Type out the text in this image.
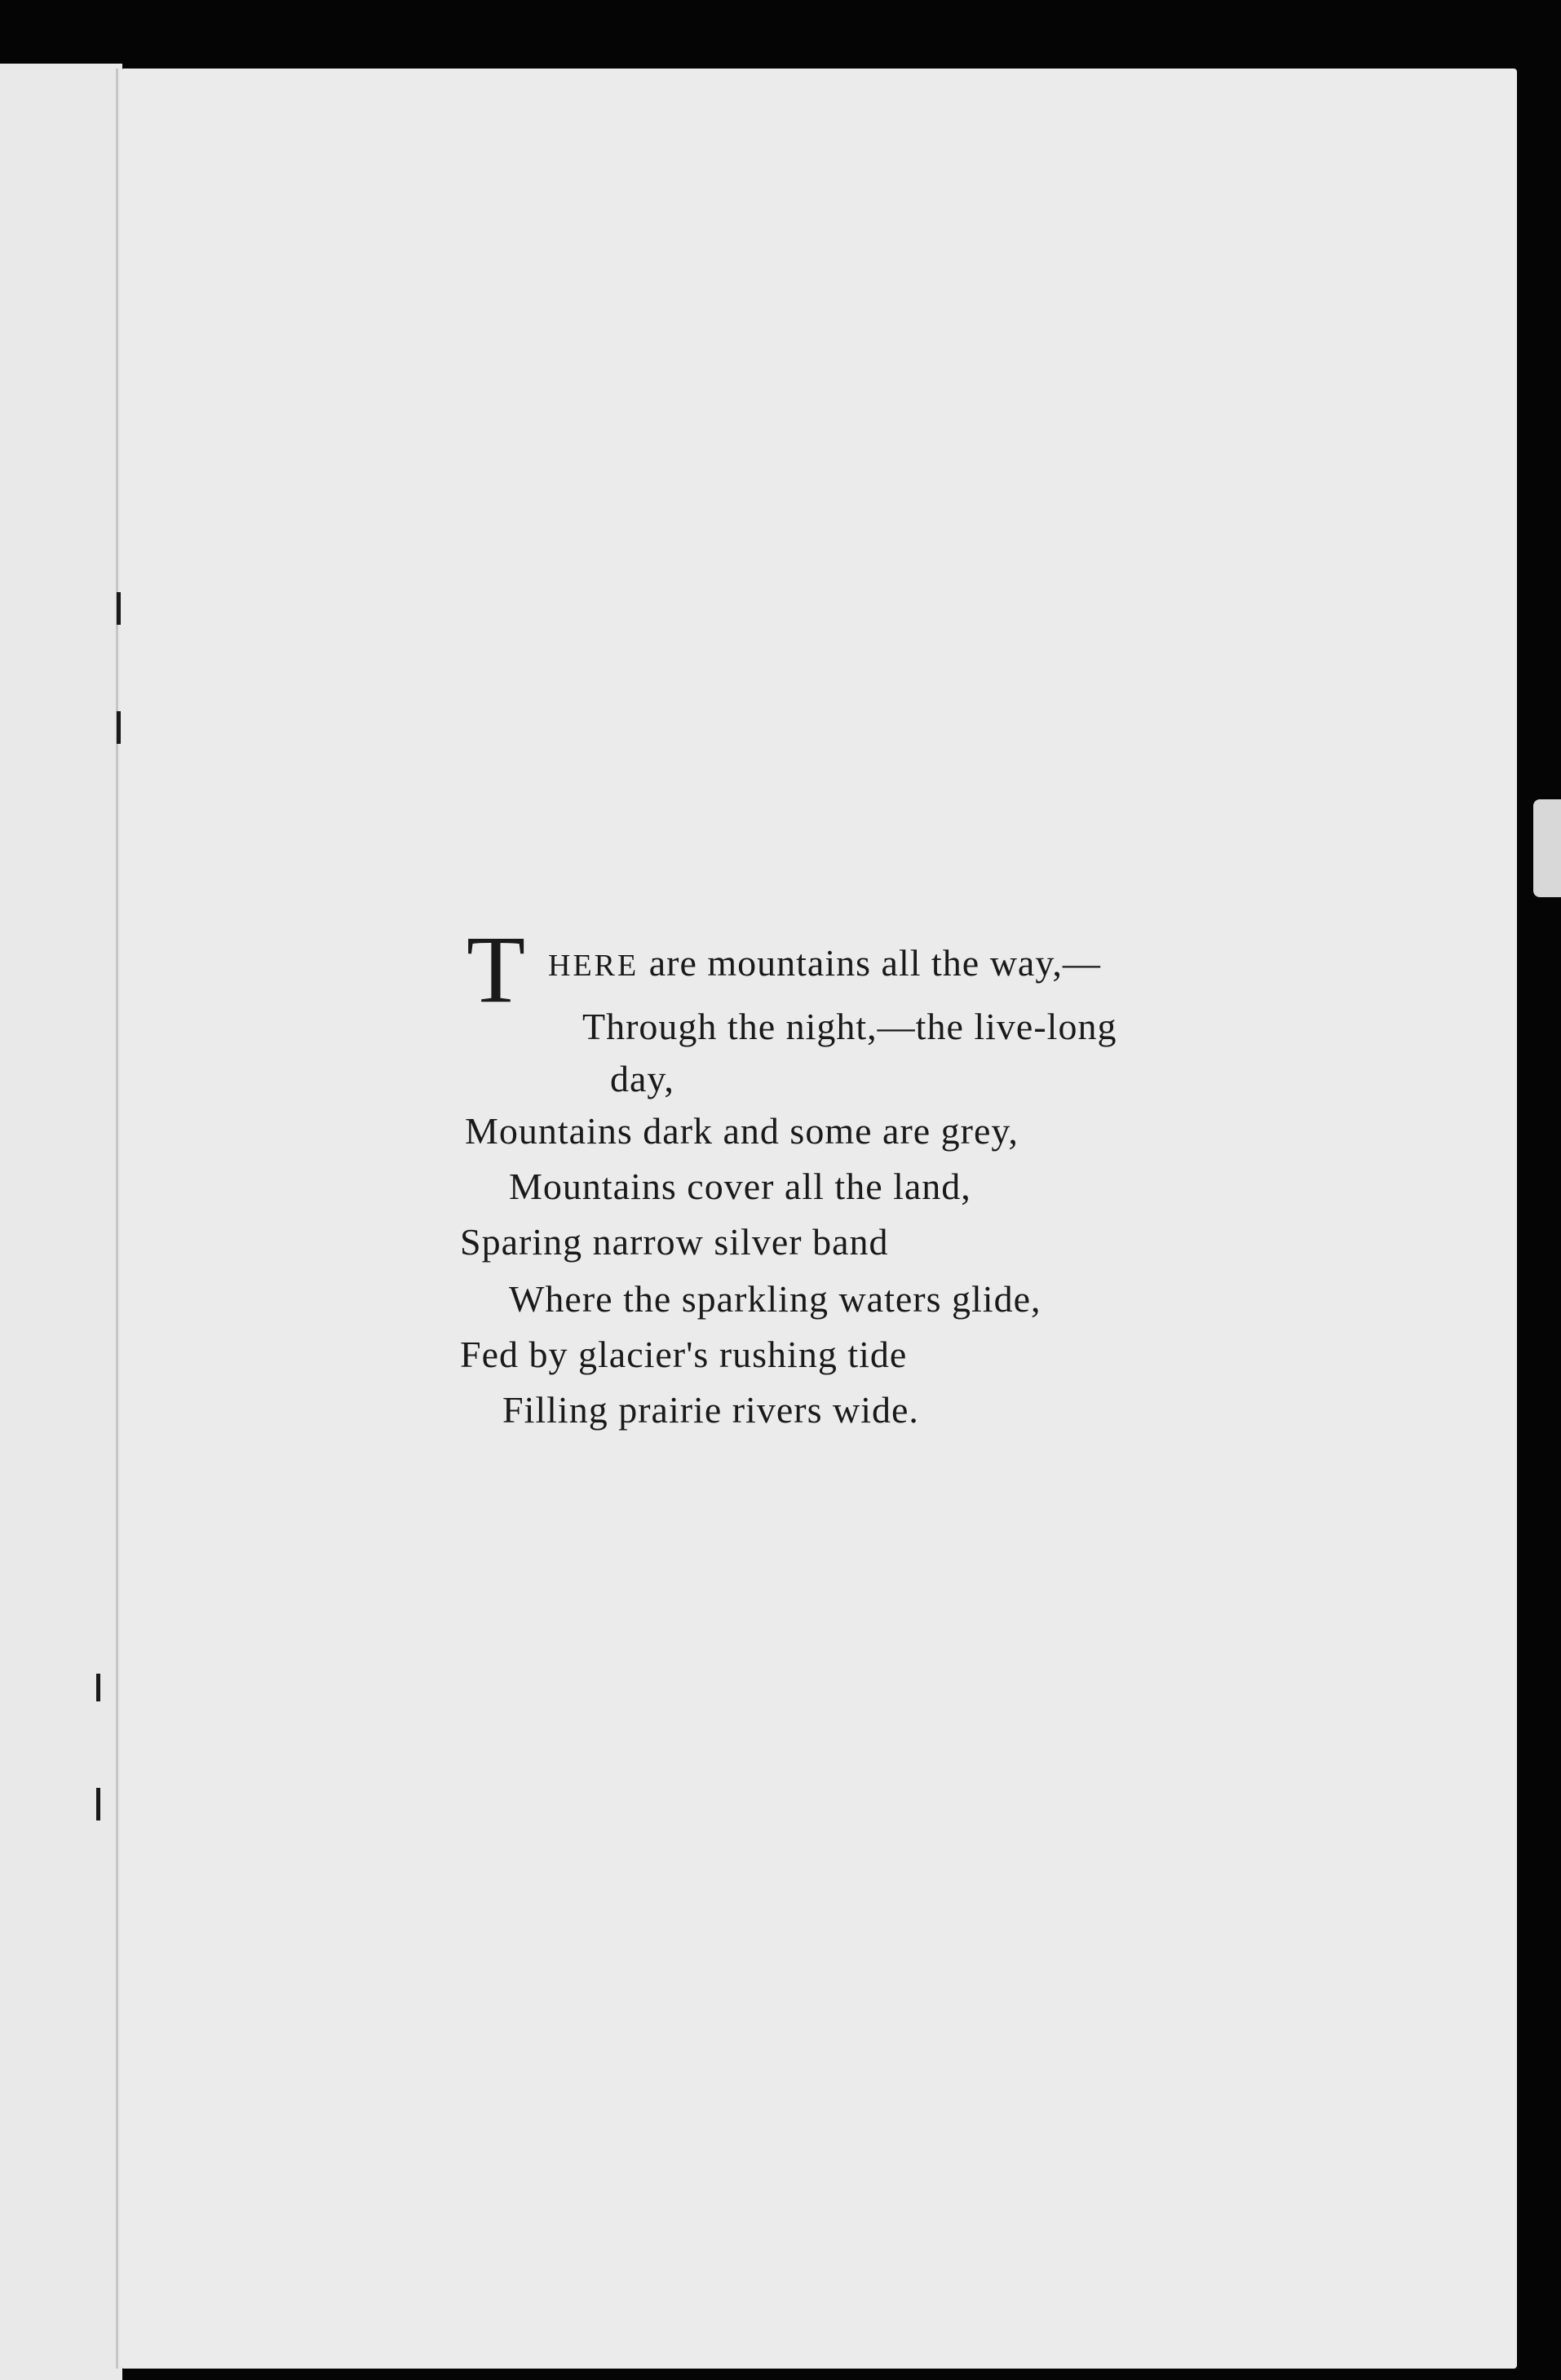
T HERE are mountains all the way,—
Through the night,—the live-long
day,
Mountains dark and some are grey,
Mountains cover all the land,
Sparing narrow silver band
Where the sparkling waters glide,
Fed by glacier's rushing tide
Filling prairie rivers wide.
